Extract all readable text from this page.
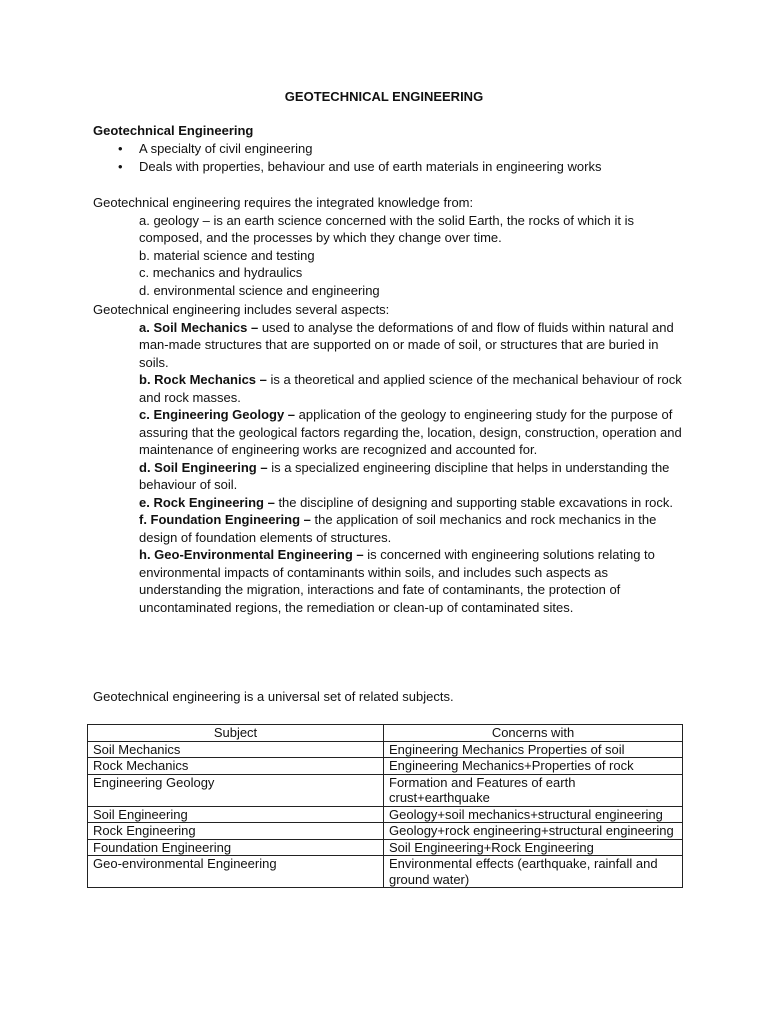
GEOTECHNICAL ENGINEERING
Geotechnical Engineering
• A specialty of civil engineering
• Deals with properties, behaviour and use of earth materials in engineering works
Geotechnical engineering requires the integrated knowledge from:
a. geology – is an earth science concerned with the solid Earth, the rocks of which it is composed, and the processes by which they change over time.
b. material science and testing
c. mechanics and hydraulics
d. environmental science and engineering
Geotechnical engineering includes several aspects:
a. Soil Mechanics – used to analyse the deformations of and flow of fluids within natural and man-made structures that are supported on or made of soil, or structures that are buried in soils.
b. Rock Mechanics – is a theoretical and applied science of the mechanical behaviour of rock and rock masses.
c. Engineering Geology – application of the geology to engineering study for the purpose of assuring that the geological factors regarding the, location, design, construction, operation and maintenance of engineering works are recognized and accounted for.
d. Soil Engineering – is a specialized engineering discipline that helps in understanding the behaviour of soil.
e. Rock Engineering – the discipline of designing and supporting stable excavations in rock.
f. Foundation Engineering – the application of soil mechanics and rock mechanics in the design of foundation elements of structures.
h. Geo-Environmental Engineering – is concerned with engineering solutions relating to environmental impacts of contaminants within soils, and includes such aspects as understanding the migration, interactions and fate of contaminants, the protection of uncontaminated regions, the remediation or clean-up of contaminated sites.
Geotechnical engineering is a universal set of related subjects.
Subject	Concerns with
Soil Mechanics	Engineering Mechanics Properties of soil
Rock Mechanics	Engineering Mechanics+Properties of rock
Engineering Geology	Formation and Features of earth crust+earthquake
Soil Engineering	Geology+soil mechanics+structural engineering
Rock Engineering	Geology+rock engineering+structural engineering
Foundation Engineering	Soil Engineering+Rock Engineering
Geo-environmental Engineering	Environmental effects (earthquake, rainfall and ground water)
